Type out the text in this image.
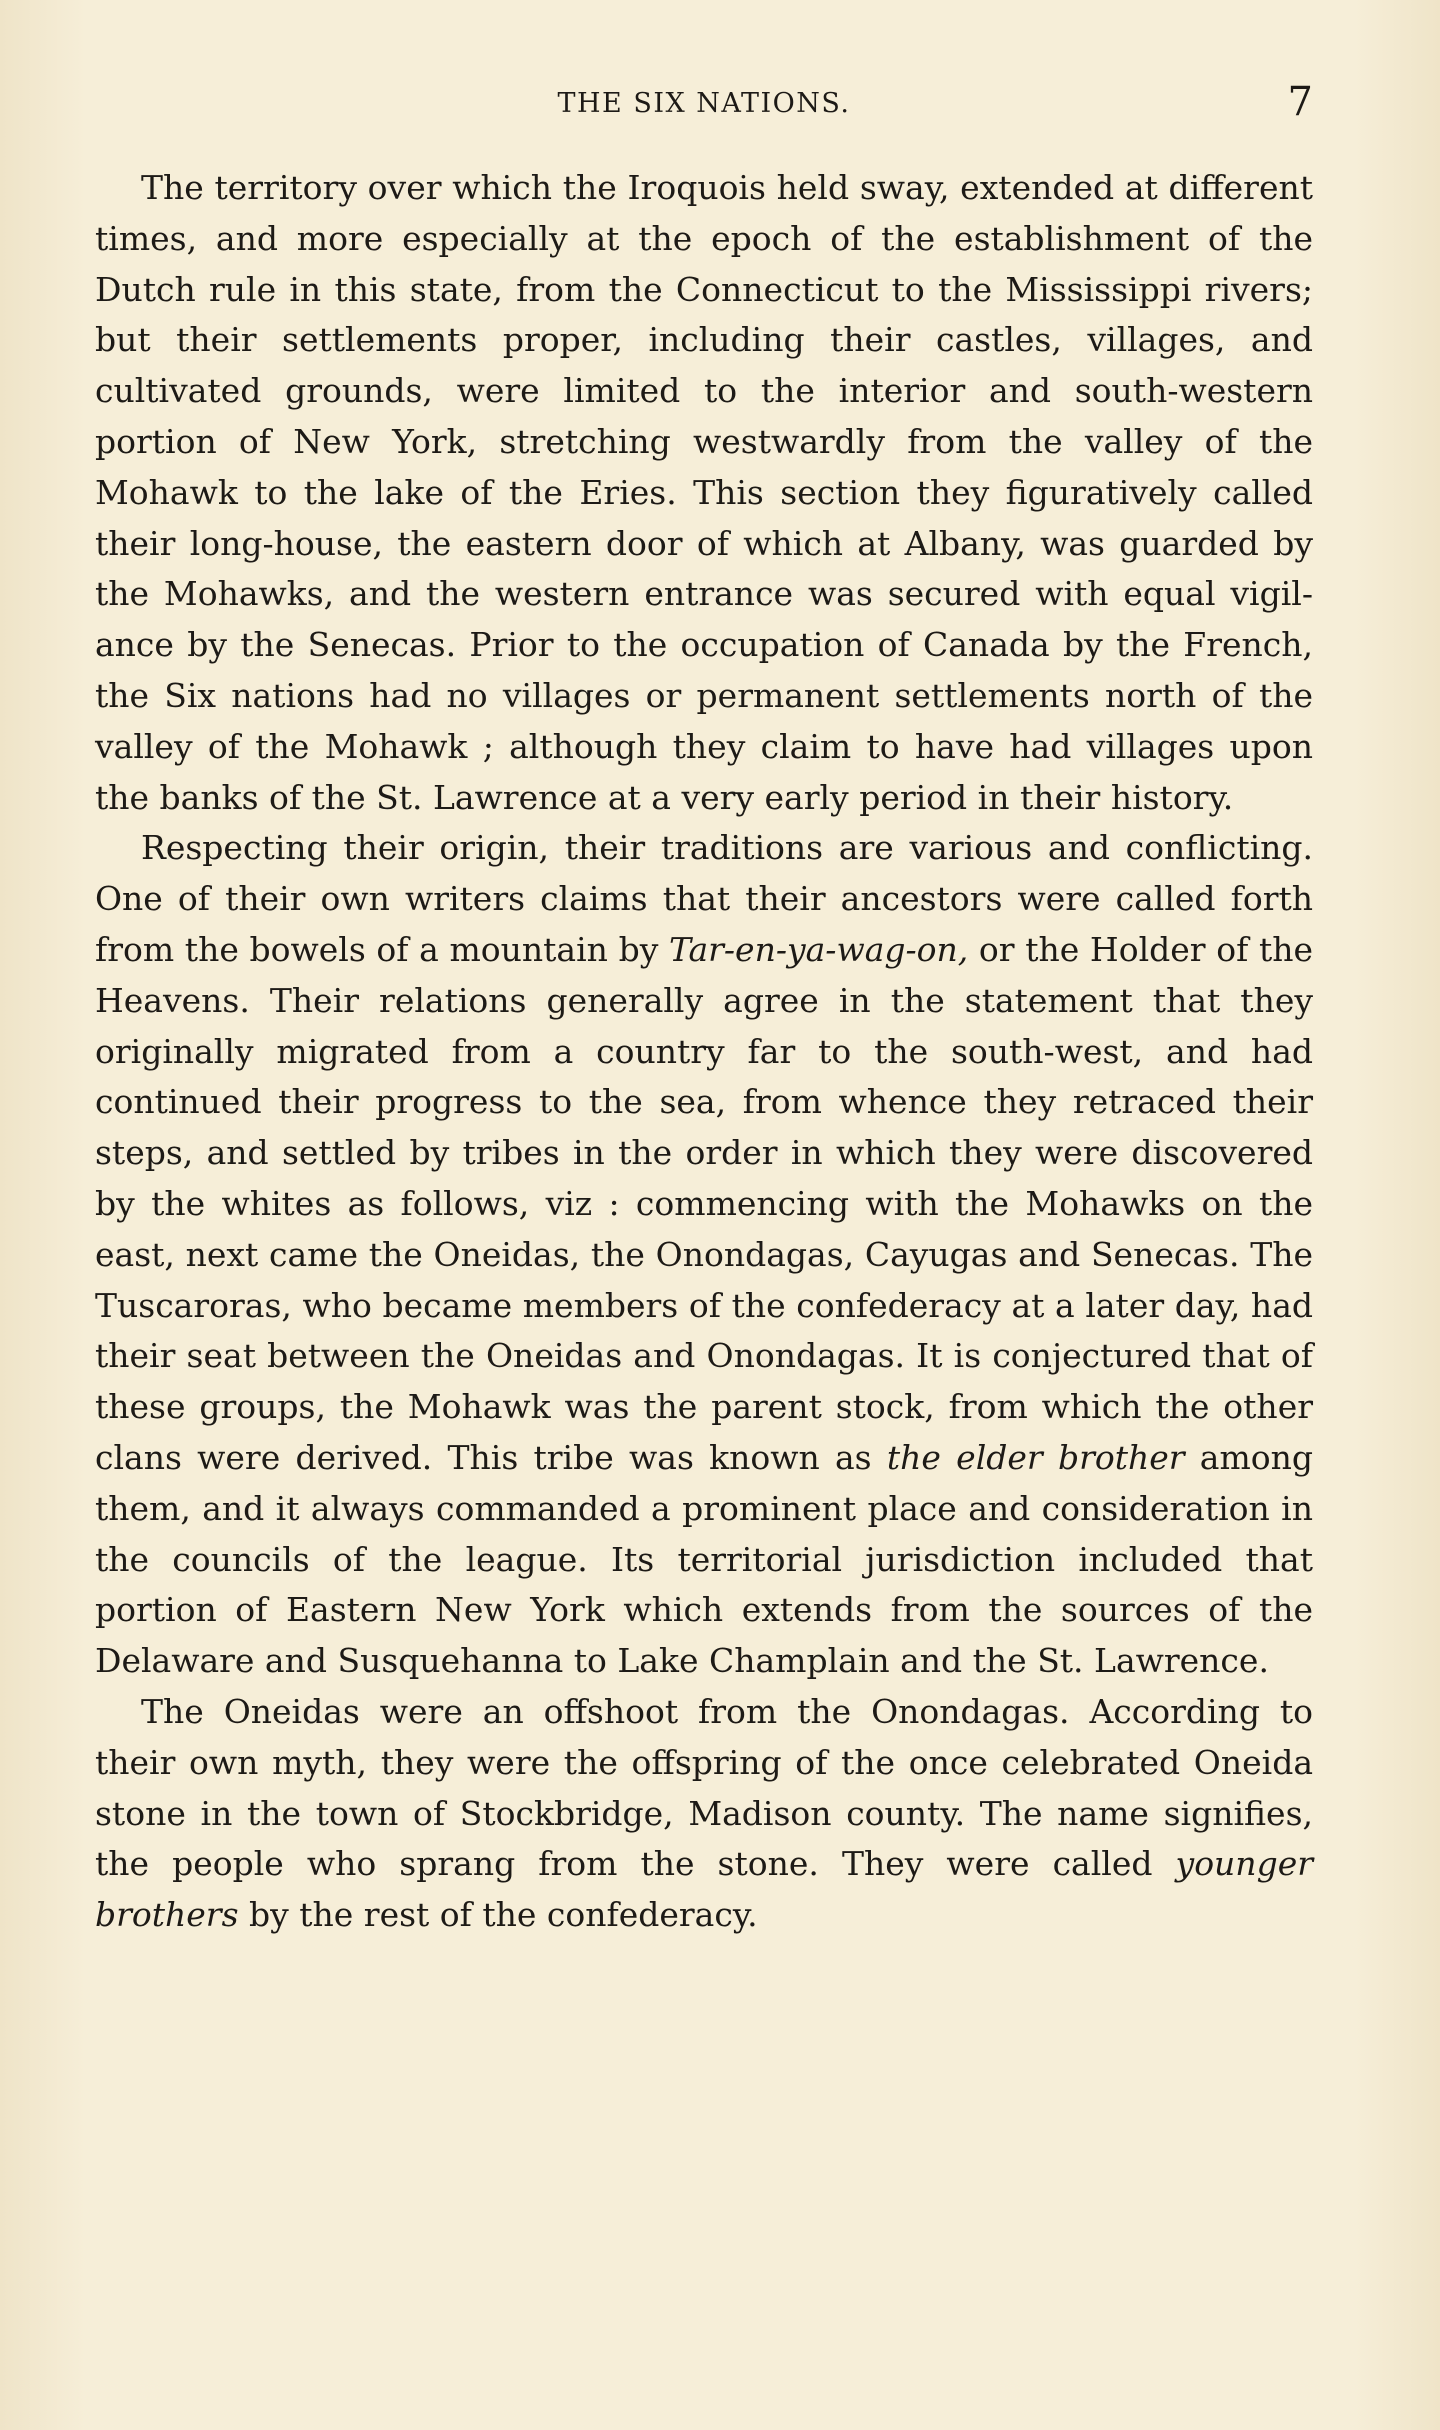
THE SIX NATIONS.	7

The territory over which the Iroquois held sway, extended at different times, and more especially at the epoch of the establishment of the Dutch rule in this state, from the Connecticut to the Mississippi rivers; but their settlements proper, including their castles, villages, and cultivated grounds, were limited to the interior and south-western portion of New York, stretching westwardly from the valley of the Mohawk to the lake of the Eries. This section they figuratively called their long-house, the eastern door of which at Albany, was guarded by the Mohawks, and the western entrance was secured with equal vigilance by the Senecas. Prior to the occupation of Canada by the French, the Six nations had no villages or permanent settlements north of the valley of the Mohawk ; although they claim to have had villages upon the banks of the St. Lawrence at a very early period in their history.

Respecting their origin, their traditions are various and conflicting. One of their own writers claims that their ancestors were called forth from the bowels of a mountain by Tar-en-ya-wag-on, or the Holder of the Heavens. Their relations generally agree in the statement that they originally migrated from a country far to the south-west, and had continued their progress to the sea, from whence they retraced their steps, and settled by tribes in the order in which they were discovered by the whites as follows, viz : commencing with the Mohawks on the east, next came the Oneidas, the Onondagas, Cayugas and Senecas. The Tuscaroras, who became members of the confederacy at a later day, had their seat between the Oneidas and Onondagas. It is conjectured that of these groups, the Mohawk was the parent stock, from which the other clans were derived. This tribe was known as the elder brother among them, and it always commanded a prominent place and consideration in the councils of the league. Its territorial jurisdiction included that portion of Eastern New York which extends from the sources of the Delaware and Susquehanna to Lake Champlain and the St. Lawrence.

The Oneidas were an offshoot from the Onondagas. According to their own myth, they were the offspring of the once celebrated Oneida stone in the town of Stockbridge, Madison county. The name signifies, the people who sprang from the stone. They were called younger brothers by the rest of the confederacy.
